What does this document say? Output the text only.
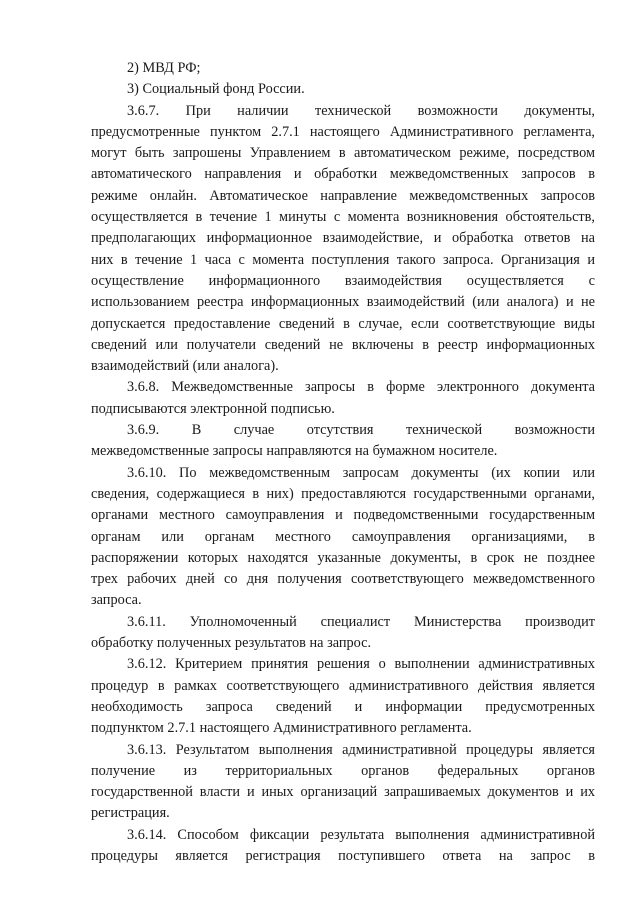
2) МВД РФ;
3) Социальный фонд России.
3.6.7. При наличии технической возможности документы,
предусмотренные пунктом 2.7.1 настоящего Административного регламента,
могут быть запрошены Управлением в автоматическом режиме, посредством
автоматического направления и обработки межведомственных запросов в
режиме онлайн. Автоматическое направление межведомственных запросов
осуществляется в течение 1 минуты с момента возникновения обстоятельств,
предполагающих информационное взаимодействие, и обработка ответов на
них в течение 1 часа с момента поступления такого запроса. Организация и
осуществление информационного взаимодействия осуществляется с
использованием реестра информационных взаимодействий (или аналога) и не
допускается предоставление сведений в случае, если соответствующие виды
сведений или получатели сведений не включены в реестр информационных
взаимодействий (или аналога).
3.6.8. Межведомственные запросы в форме электронного документа
подписываются электронной подписью.
3.6.9. В случае отсутствия технической возможности
межведомственные запросы направляются на бумажном носителе.
3.6.10. По межведомственным запросам документы (их копии или
сведения, содержащиеся в них) предоставляются государственными органами,
органами местного самоуправления и подведомственными государственным
органам или органам местного самоуправления организациями, в
распоряжении которых находятся указанные документы, в срок не позднее
трех рабочих дней со дня получения соответствующего межведомственного
запроса.
3.6.11. Уполномоченный специалист Министерства производит
обработку полученных результатов на запрос.
3.6.12. Критерием принятия решения о выполнении административных
процедур в рамках соответствующего административного действия является
необходимость запроса сведений и информации предусмотренных
подпунктом 2.7.1 настоящего Административного регламента.
3.6.13. Результатом выполнения административной процедуры является
получение из территориальных органов федеральных органов
государственной власти и иных организаций запрашиваемых документов и их
регистрация.
3.6.14. Способом фиксации результата выполнения административной
процедуры является регистрация поступившего ответа на запрос в
